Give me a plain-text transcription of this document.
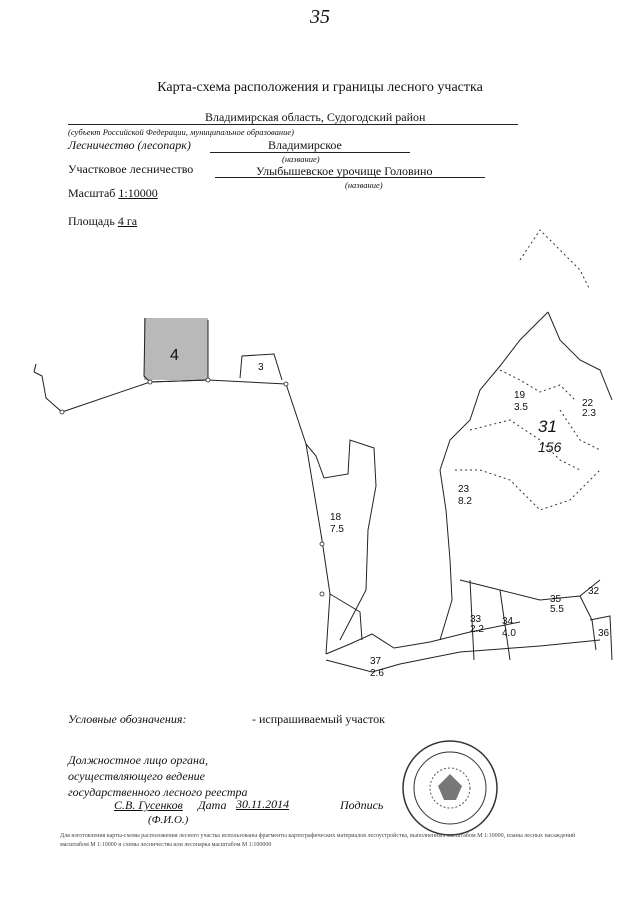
35
Карта-схема расположения и границы лесного участка
Владимирская область, Судогодский район
(субъект Российской Федерации, муниципальное образование)
Лесничество (лесопарк)	Владимирское
(название)
Участковое лесничество	Улыбышевское урочище Головино
(название)
Масштаб 1:10000
Площадь 4 га
4
3
18
7.5
19
3.5	22
2.3
31
156
23
8.2
33
2.2
34
4.0
35
5.5
32
36
37
2.6
Условные обозначения:	- испрашиваемый участок
Должностное лицо органа, осуществляющего ведение государственного лесного реестра
С.В. Гусенков
(Ф.И.О.)
Дата 30.11.2014	Подпись
Для изготовления карты-схемы расположения лесного участка использованы фрагменты картографических материалов лесоустройства, выполненных масштабом М 1:10000, планы лесных насаждений масштабом М 1:10000 и схемы лесничества или лесопарка масштабом М 1:100000
